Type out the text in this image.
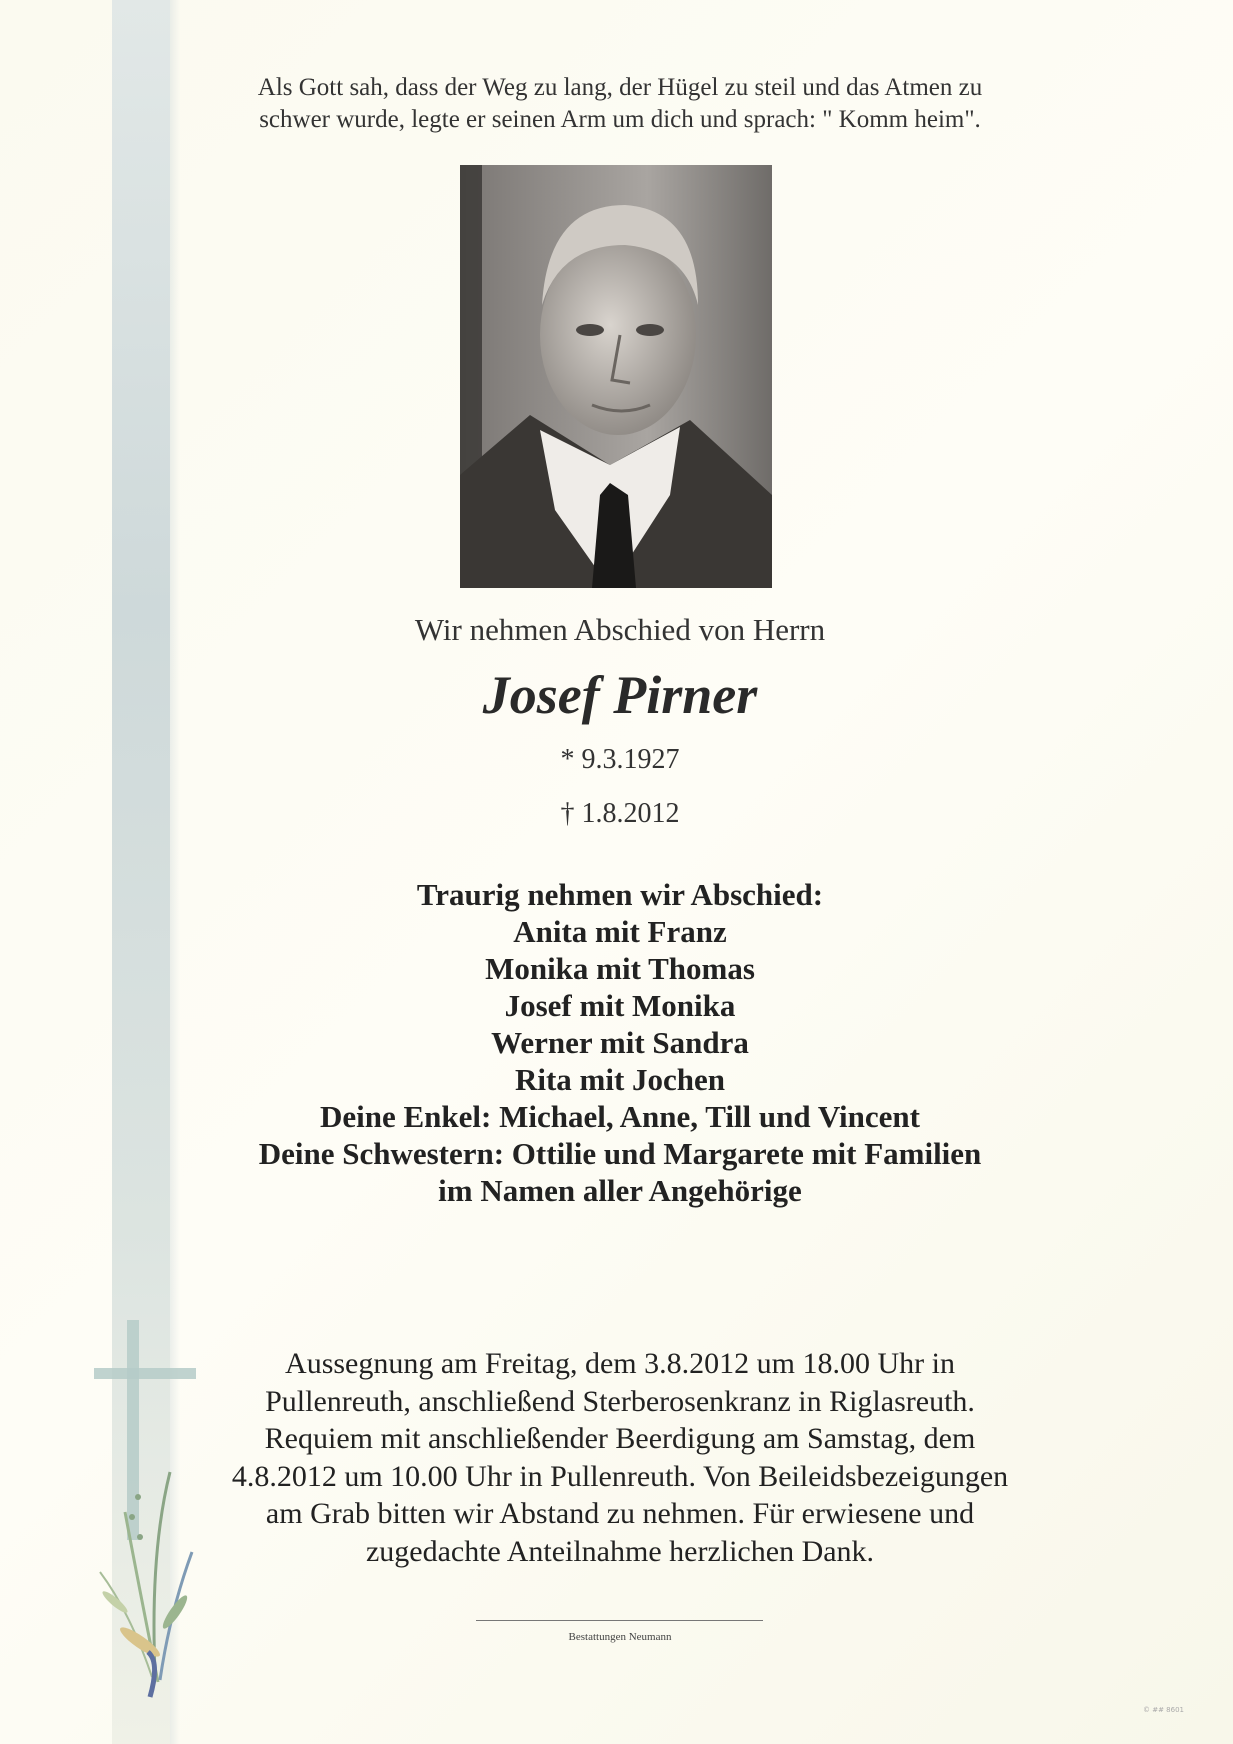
Als Gott sah, dass der Weg zu lang, der Hügel zu steil und das Atmen zu
schwer wurde, legte er seinen Arm um dich und sprach: " Komm heim".
Wir nehmen Abschied von Herrn
Josef Pirner
* 9.3.1927
† 1.8.2012
Traurig nehmen wir Abschied:
Anita mit Franz
Monika mit Thomas
Josef mit Monika
Werner mit Sandra
Rita mit Jochen
Deine Enkel: Michael, Anne, Till und Vincent
Deine Schwestern: Ottilie und Margarete mit Familien
im Namen aller Angehörige
Aussegnung am Freitag, dem 3.8.2012 um 18.00 Uhr in
Pullenreuth, anschließend Sterberosenkranz in Riglasreuth.
Requiem mit anschließender Beerdigung am Samstag, dem
4.8.2012 um 10.00 Uhr in Pullenreuth. Von Beileidsbezeigungen
am Grab bitten wir Abstand zu nehmen. Für erwiesene und
zugedachte Anteilnahme herzlichen Dank.
Bestattungen Neumann
© ## 8601
